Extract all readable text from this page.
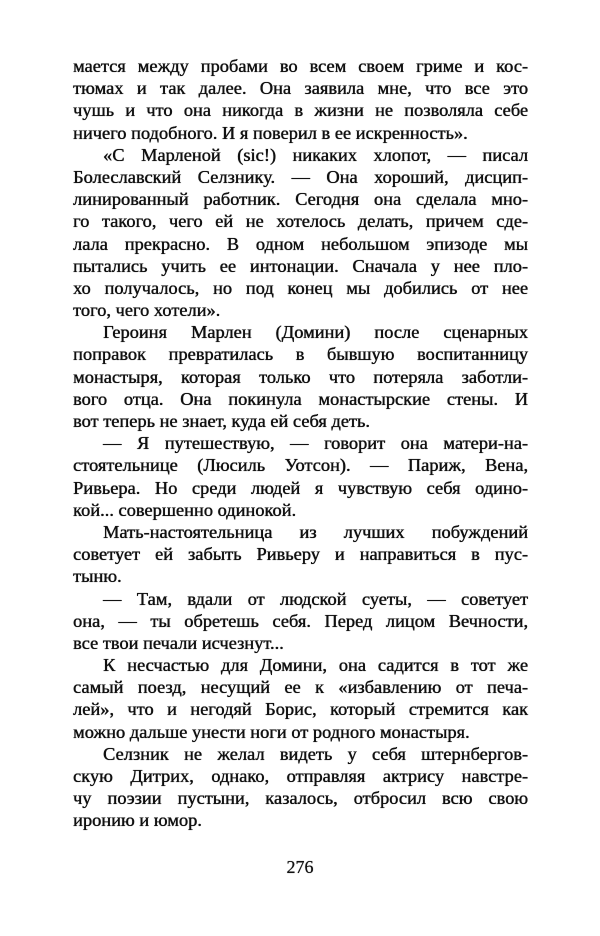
мается между пробами во всем своем гриме и кос-
тюмах и так далее. Она заявила мне, что все это
чушь и что она никогда в жизни не позволяла себе
ничего подобного. И я поверил в ее искренность».
«С Марленой (sic!) никаких хлопот, — писал
Болеславский Селзнику. — Она хороший, дисцип-
линированный работник. Сегодня она сделала мно-
го такого, чего ей не хотелось делать, причем сде-
лала прекрасно. В одном небольшом эпизоде мы
пытались учить ее интонации. Сначала у нее пло-
хо получалось, но под конец мы добились от нее
того, чего хотели».
Героиня Марлен (Домини) после сценарных
поправок превратилась в бывшую воспитанницу
монастыря, которая только что потеряла заботли-
вого отца. Она покинула монастырские стены. И
вот теперь не знает, куда ей себя деть.
— Я путешествую, — говорит она матери-на-
стоятельнице (Люсиль Уотсон). — Париж, Вена,
Ривьера. Но среди людей я чувствую себя одино-
кой... совершенно одинокой.
Мать-настоятельница из лучших побуждений
советует ей забыть Ривьеру и направиться в пус-
тыню.
— Там, вдали от людской суеты, — советует
она, — ты обретешь себя. Перед лицом Вечности,
все твои печали исчезнут...
К несчастью для Домини, она садится в тот же
самый поезд, несущий ее к «избавлению от печа-
лей», что и негодяй Борис, который стремится как
можно дальше унести ноги от родного монастыря.
Селзник не желал видеть у себя штернбергов-
скую Дитрих, однако, отправляя актрису навстре-
чу поэзии пустыни, казалось, отбросил всю свою
иронию и юмор.
276
